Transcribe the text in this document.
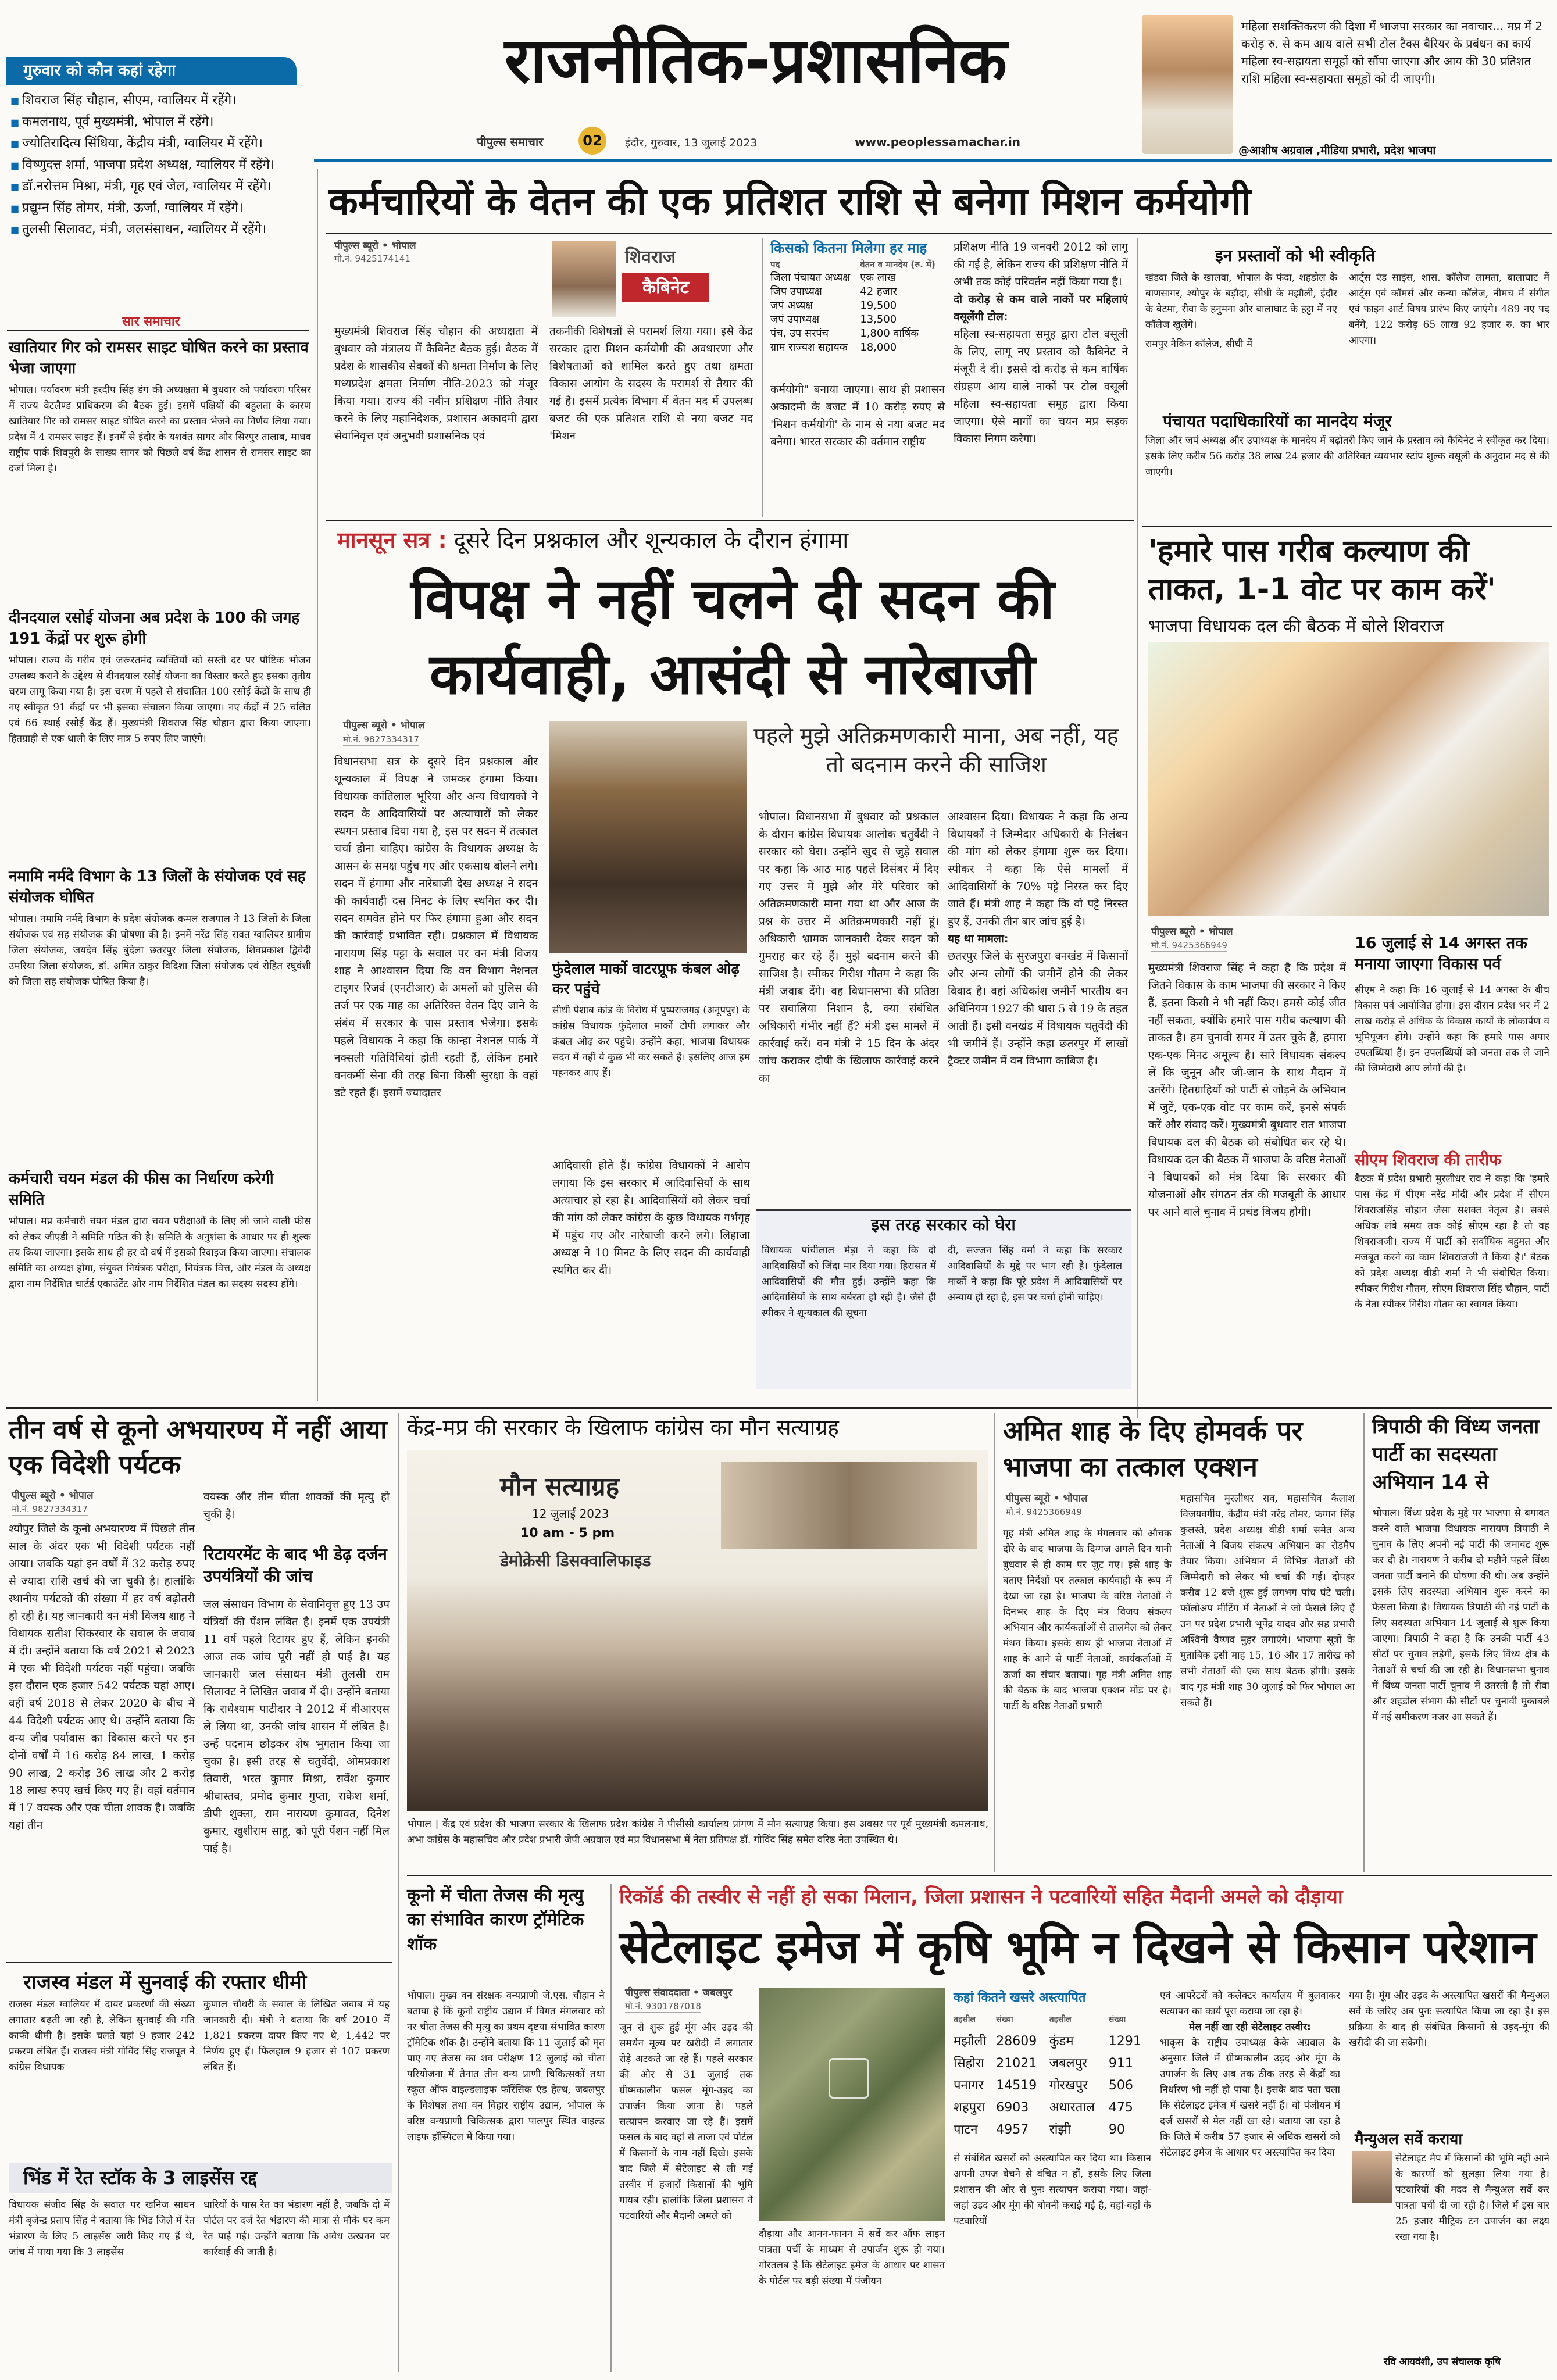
गुरुवार को कौन कहां रहेगा	राजनीतिक-प्रशासनिक
पीपुल्स समाचार	02	इंदौर, गुरुवार, 13 जुलाई 2023	www.peoplessamachar.in
महिला सशक्तिकरण की दिशा में भाजपा सरकार का नवाचार... मप्र में 2 करोड़ रु. से कम आय वाले सभी टोल टैक्स बैरियर के प्रबंधन का कार्य महिला स्व-सहायता समूहों को सौंपा जाएगा और आय की 30 प्रतिशत राशि महिला स्व-सहायता समूहों को दी जाएगी।
@आशीष अग्रवाल ,मीडिया प्रभारी, प्रदेश भाजपा
■ शिवराज सिंह चौहान, सीएम, ग्वालियर में रहेंगे।
■ कमलनाथ, पूर्व मुख्यमंत्री, भोपाल में रहेंगे।
■ ज्योतिरादित्य सिंधिया, केंद्रीय मंत्री, ग्वालियर में रहेंगे।
■ विष्णुदत्त शर्मा, भाजपा प्रदेश अध्यक्ष, ग्वालियर में रहेंगे।
■ डॉ.नरोत्तम मिश्रा, मंत्री, गृह एवं जेल, ग्वालियर में रहेंगे।
■ प्रद्युम्न सिंह तोमर, मंत्री, ऊर्जा, ग्वालियर में रहेंगे।
■ तुलसी सिलावट, मंत्री, जलसंसाधन, ग्वालियर में रहेंगे।
सार समाचार
खातियार गिर को रामसर साइट घोषित करने का प्रस्ताव भेजा जाएगा
भोपाल। पर्यावरण मंत्री हरदीप सिंह डंग की अध्यक्षता में बुधवार को पर्यावरण परिसर में राज्य वेटलैण्ड प्राधिकरण की बैठक हुई। इसमें पक्षियों की बहुलता के कारण खातियार गिर को रामसर साइट घोषित करने का प्रस्ताव भेजने का निर्णय लिया गया। प्रदेश में 4 रामसर साइट हैं। इनमें से इंदौर के यशवंत सागर और सिरपुर तालाब, माधव राष्ट्रीय पार्क शिवपुरी के साख्य सागर को पिछले वर्ष केंद्र शासन से रामसर साइट का दर्जा मिला है।
दीनदयाल रसोई योजना अब प्रदेश के 100 की जगह 191 केंद्रों पर शुरू होगी
भोपाल। राज्य के गरीब एवं जरूरतमंद व्यक्तियों को सस्ती दर पर पौष्टिक भोजन उपलब्ध कराने के उद्देश्य से दीनदयाल रसोई योजना का विस्तार करते हुए इसका तृतीय चरण लागू किया गया है। इस चरण में पहले से संचालित 100 रसोई केंद्रों के साथ ही नए स्वीकृत 91 केंद्रों पर भी इसका संचालन किया जाएगा। नए केंद्रों में 25 चलित एवं 66 स्थाई रसोई केंद्र हैं। मुख्यमंत्री शिवराज सिंह चौहान द्वारा किया जाएगा। हितग्राही से एक थाली के लिए मात्र 5 रुपए लिए जाएंगे।
नमामि नर्मदे विभाग के 13 जिलों के संयोजक एवं सह संयोजक घोषित
भोपाल। नमामि नर्मदे विभाग के प्रदेश संयोजक कमल राजपाल ने 13 जिलों के जिला संयोजक एवं सह संयोजक की घोषणा की है। इनमें नरेंद्र सिंह रावत ग्वालियर ग्रामीण जिला संयोजक, जयदेव सिंह बुंदेला छतरपुर जिला संयोजक, शिवप्रकाश द्विवेदी उमरिया जिला संयोजक, डॉ. अमित ठाकुर विदिशा जिला संयोजक एवं रोहित रघुवंशी को जिला सह संयोजक घोषित किया है।
कर्मचारी चयन मंडल की फीस का निर्धारण करेगी समिति
भोपाल। मप्र कर्मचारी चयन मंडल द्वारा चयन परीक्षाओं के लिए ली जाने वाली फीस को लेकर जीएडी ने समिति गठित की है। समिति के अनुशंसा के आधार पर ही शुल्क तय किया जाएगा। इसके साथ ही हर दो वर्ष में इसको रिवाइज किया जाएगा। संचालक समिति का अध्यक्ष होगा, संयुक्त नियंत्रक परीक्षा, नियंत्रक वित्त, और मंडल के अध्यक्ष द्वारा नाम निर्देशित चार्टर्ड एकाउंटेंट और नाम निर्देशित मंडल का सदस्य सदस्य होंगे।
कर्मचारियों के वेतन की एक प्रतिशत राशि से बनेगा मिशन कर्मयोगी
पीपुल्स ब्यूरो • भोपाल
मो.नं. 9425174141	शिवराज
कैबिनेट
मुख्यमंत्री शिवराज सिंह चौहान की अध्यक्षता में बुधवार को मंत्रालय में कैबिनेट बैठक हुई। बैठक में प्रदेश के शासकीय सेवकों की क्षमता निर्माण के लिए मध्यप्रदेश क्षमता निर्माण नीति-2023 को मंजूर किया गया। राज्य की नवीन प्रशिक्षण नीति तैयार करने के लिए महानिदेशक, प्रशासन अकादमी द्वारा सेवानिवृत्त एवं अनुभवी प्रशासनिक एवं
तकनीकी विशेषज्ञों से परामर्श लिया गया। इसे केंद्र सरकार द्वारा मिशन कर्मयोगी की अवधारणा और विशेषताओं को शामिल करते हुए तथा क्षमता विकास आयोग के सदस्य के परामर्श से तैयार की गई है। इसमें प्रत्येक विभाग में वेतन मद में उपलब्ध बजट की एक प्रतिशत राशि से नया बजट मद 'मिशन
किसको कितना मिलेगा हर माह
पद	वेतन व मानदेय (रु. में)
जिला पंचायत अध्यक्ष	एक लाख
जिप उपाध्यक्ष	42 हजार
जपं अध्यक्ष	19,500
जपं उपाध्यक्ष	13,500
पंच, उप सरपंच	1,800 वार्षिक
ग्राम राज्यश सहायक	18,000
कर्मयोगी" बनाया जाएगा। साथ ही प्रशासन अकादमी के बजट में 10 करोड़ रुपए से 'मिशन कर्मयोगी' के नाम से नया बजट मद बनेगा। भारत सरकार की वर्तमान राष्ट्रीय
प्रशिक्षण नीति 19 जनवरी 2012 को लागू की गई है, लेकिन राज्य की प्रशिक्षण नीति में अभी तक कोई परिवर्तन नहीं किया गया है।
दो करोड़ से कम वाले नाकों पर महिलाएं वसूलेंगी टोल:
महिला स्व-सहायता समूह द्वारा टोल वसूली के लिए, लागू नए प्रस्ताव को कैबिनेट ने मंजूरी दे दी। इससे दो करोड़ से कम वार्षिक संग्रहण आय वाले नाकों पर टोल वसूली महिला स्व-सहायता समूह द्वारा किया जाएगा। ऐसे मार्गों का चयन मप्र सड़क विकास निगम करेगा।
इन प्रस्तावों को भी स्वीकृति
खंडवा जिले के खालवा, भोपाल के फंदा, शहडोल के बाणसागर, श्योपुर के बड़ौदा, सीधी के मझौली, इंदौर के बेटमा, रीवा के हनुमना और बालाघाट के हट्टा में नए कॉलेज खुलेंगे।
रामपुर नैकिन कॉलेज, सीधी में
आर्ट्स एंड साइंस, शास. कॉलेज लामता, बालाघाट में आर्ट्स एवं कॉमर्स और कन्या कॉलेज, नीमच में संगीत एवं फाइन आर्ट विषय प्रारंभ किए जाएंगे। 489 नए पद बनेंगे, 122 करोड़ 65 लाख 92 हजार रु. का भार आएगा।
पंचायत पदाधिकारियों का मानदेय मंजूर
जिला और जपं अध्यक्ष और उपाध्यक्ष के मानदेय में बढ़ोतरी किए जाने के प्रस्ताव को कैबिनेट ने स्वीकृत कर दिया। इसके लिए करीब 56 करोड़ 38 लाख 24 हजार की अतिरिक्त व्ययभार स्टांप शुल्क वसूली के अनुदान मद से की जाएगी।
मानसून सत्र : दूसरे दिन प्रश्नकाल और शून्यकाल के दौरान हंगामा
विपक्ष ने नहीं चलने दी सदन की कार्यवाही, आसंदी से नारेबाजी
पीपुल्स ब्यूरो • भोपाल
मो.नं. 9827334317
विधानसभा सत्र के दूसरे दिन प्रश्नकाल और शून्यकाल में विपक्ष ने जमकर हंगामा किया। विधायक कांतिलाल भूरिया और अन्य विधायकों ने सदन के आदिवासियों पर अत्याचारों को लेकर स्थगन प्रस्ताव दिया गया है, इस पर सदन में तत्काल चर्चा होना चाहिए। कांग्रेस के विधायक अध्यक्ष के आसन के समक्ष पहुंच गए और एकसाथ बोलने लगे। सदन में हंगामा और नारेबाजी देख अध्यक्ष ने सदन की कार्यवाही दस मिनट के लिए स्थगित कर दी। सदन समवेत होने पर फिर हंगामा हुआ और सदन की कार्रवाई प्रभावित रही। प्रश्नकाल में विधायक नारायण सिंह पट्टा के सवाल पर वन मंत्री विजय शाह ने आश्वासन दिया कि वन विभाग नेशनल टाइगर रिजर्व (एनटीआर) के अमलों को पुलिस की तर्ज पर एक माह का अतिरिक्त वेतन दिए जाने के संबंध में सरकार के पास प्रस्ताव भेजेगा। इसके पहले विधायक ने कहा कि कान्हा नेशनल पार्क में नक्सली गतिविधियां होती रहती हैं, लेकिन हमारे वनकर्मी सेना की तरह बिना किसी सुरक्षा के वहां डटे रहते हैं। इसमें ज्यादातर
फुंदेलाल मार्को वाटरप्रूफ कंबल ओढ़ कर पहुंचे
सीधी पेशाब कांड के विरोध में पुष्पराजगढ़ (अनूपपुर) के कांग्रेस विधायक फुंदेलाल मार्को टोपी लगाकर और कंबल ओढ़ कर पहुंचे। उन्होंने कहा, भाजपा विधायक सदन में नहीं ये कुछ भी कर सकते हैं। इसलिए आज हम पहनकर आए हैं।
आदिवासी होते हैं। कांग्रेस विधायकों ने आरोप लगाया कि इस सरकार में आदिवासियों के साथ अत्याचार हो रहा है। आदिवासियों को लेकर चर्चा की मांग को लेकर कांग्रेस के कुछ विधायक गर्भगृह में पहुंच गए और नारेबाजी करने लगे। लिहाजा अध्यक्ष ने 10 मिनट के लिए सदन की कार्यवाही स्थगित कर दी।
पहले मुझे अतिक्रमणकारी माना, अब नहीं, यह तो बदनाम करने की साजिश
भोपाल। विधानसभा में बुधवार को प्रश्नकाल के दौरान कांग्रेस विधायक आलोक चतुर्वेदी ने सरकार को घेरा। उन्होंने खुद से जुड़े सवाल पर कहा कि आठ माह पहले दिसंबर में दिए गए उत्तर में मुझे और मेरे परिवार को अतिक्रमणकारी माना गया था और आज के प्रश्न के उत्तर में अतिक्रमणकारी नहीं हूं। अधिकारी भ्रामक जानकारी देकर सदन को गुमराह कर रहे हैं। मुझे बदनाम करने की साजिश है। स्पीकर गिरीश गौतम ने कहा कि मंत्री जवाब देंगे। वह विधानसभा की प्रतिष्ठा पर सवालिया निशान है, क्या संबंधित अधिकारी गंभीर नहीं हैं? मंत्री इस मामले में कार्रवाई करें। वन मंत्री ने 15 दिन के अंदर जांच कराकर दोषी के खिलाफ कार्रवाई करने का
आश्वासन दिया। विधायक ने कहा कि अन्य विधायकों ने जिम्मेदार अधिकारी के निलंबन की मांग को लेकर हंगामा शुरू कर दिया। स्पीकर ने कहा कि ऐसे मामलों में आदिवासियों के 70% पट्टे निरस्त कर दिए जाते हैं। मंत्री शाह ने कहा कि वो पट्टे निरस्त हुए हैं, उनकी तीन बार जांच हुई है।
यह था मामला:
छतरपुर जिले के सुरजपुरा वनखंड में किसानों और अन्य लोगों की जमीनें होने की लेकर विवाद है। वहां अधिकांश जमीनें भारतीय वन अधिनियम 1927 की धारा 5 से 19 के तहत आती हैं। इसी वनखंड में विधायक चतुर्वेदी की भी जमीनें हैं। उन्होंने कहा छतरपुर में लाखों ट्रैक्टर जमीन में वन विभाग काबिज है।
इस तरह सरकार को घेरा
विधायक पांचीलाल मेड़ा ने कहा कि दो आदिवासियों को जिंदा मार दिया गया। हिरासत में आदिवासियों की मौत हुई। उन्होंने कहा कि आदिवासियों के साथ बर्बरता हो रही है। जैसे ही स्पीकर ने शून्यकाल की सूचना
दी, सज्जन सिंह वर्मा ने कहा कि सरकार आदिवासियों के मुद्दे पर भाग रही है। फुंदेलाल मार्को ने कहा कि पूरे प्रदेश में आदिवासियों पर अन्याय हो रहा है, इस पर चर्चा होनी चाहिए।
'हमारे पास गरीब कल्याण की ताकत, 1-1 वोट पर काम करें'
भाजपा विधायक दल की बैठक में बोले शिवराज
पीपुल्स ब्यूरो • भोपाल
मो.नं. 9425366949
मुख्यमंत्री शिवराज सिंह ने कहा है कि प्रदेश में जितने विकास के काम भाजपा की सरकार ने किए हैं, इतना किसी ने भी नहीं किए। हमसे कोई जीत नहीं सकता, क्योंकि हमारे पास गरीब कल्याण की ताकत है। हम चुनावी समर में उतर चुके हैं, हमारा एक-एक मिनट अमूल्य है। सारे विधायक संकल्प लें कि जुनून और जी-जान के साथ मैदान में उतरेंगे। हितग्राहियों को पार्टी से जोड़ने के अभियान में जुटें, एक-एक वोट पर काम करें, इनसे संपर्क करें और संवाद करें। मुख्यमंत्री बुधवार रात भाजपा विधायक दल की बैठक को संबोधित कर रहे थे। विधायक दल की बैठक में भाजपा के वरिष्ठ नेताओं ने विधायकों को मंत्र दिया कि सरकार की योजनाओं और संगठन तंत्र की मजबूती के आधार पर आने वाले चुनाव में प्रचंड विजय होगी।
16 जुलाई से 14 अगस्त तक मनाया जाएगा विकास पर्व
सीएम ने कहा कि 16 जुलाई से 14 अगस्त के बीच विकास पर्व आयोजित होगा। इस दौरान प्रदेश भर में 2 लाख करोड़ से अधिक के विकास कार्यों के लोकार्पण व भूमिपूजन होंगे। उन्होंने कहा कि हमारे पास अपार उपलब्धियां हैं। इन उपलब्धियों को जनता तक ले जाने की जिम्मेदारी आप लोगों की है।
सीएम शिवराज की तारीफ
बैठक में प्रदेश प्रभारी मुरलीधर राव ने कहा कि 'हमारे पास केंद्र में पीएम नरेंद्र मोदी और प्रदेश में सीएम शिवराजसिंह चौहान जैसा सशक्त नेतृत्व है। सबसे अधिक लंबे समय तक कोई सीएम रहा है तो वह शिवराजजी। राज्य में पार्टी को सर्वाधिक बहुमत और मजबूत करने का काम शिवराजजी ने किया है।' बैठक को प्रदेश अध्यक्ष वीडी शर्मा ने भी संबोधित किया। स्पीकर गिरीश गौतम, सीएम शिवराज सिंह चौहान, पार्टी के नेता स्पीकर गिरीश गौतम का स्वागत किया।
तीन वर्ष से कूनो अभयारण्य में नहीं आया एक विदेशी पर्यटक
पीपुल्स ब्यूरो • भोपाल
मो.नं. 9827334317
श्योपुर जिले के कूनो अभयारण्य में पिछले तीन साल के अंदर एक भी विदेशी पर्यटक नहीं आया। जबकि यहां इन वर्षों में 32 करोड़ रुपए से ज्यादा राशि खर्च की जा चुकी है। हालांकि स्थानीय पर्यटकों की संख्या में हर वर्ष बढ़ोतरी हो रही है। यह जानकारी वन मंत्री विजय शाह ने विधायक सतीश सिकरवार के सवाल के जवाब में दी। उन्होंने बताया कि वर्ष 2021 से 2023 में एक भी विदेशी पर्यटक नहीं पहुंचा। जबकि इस दौरान एक हजार 542 पर्यटक यहां आए। वहीं वर्ष 2018 से लेकर 2020 के बीच में 44 विदेशी पर्यटक आए थे। उन्होंने बताया कि वन्य जीव पर्यावास का विकास करने पर इन दोनों वर्षों में 16 करोड़ 84 लाख, 1 करोड़ 90 लाख, 2 करोड़ 36 लाख और 2 करोड़ 18 लाख रुपए खर्च किए गए हैं। वहां वर्तमान में 17 वयस्क और एक चीता शावक है। जबकि यहां तीन
वयस्क और तीन चीता शावकों की मृत्यु हो चुकी है।
रिटायरमेंट के बाद भी डेढ़ दर्जन उपयंत्रियों की जांच
जल संसाधन विभाग के सेवानिवृत्त हुए 13 उप यंत्रियों की पेंशन लंबित है। इनमें एक उपयंत्री 11 वर्ष पहले रिटायर हुए हैं, लेकिन इनकी आज तक जांच पूरी नहीं हो पाई है। यह जानकारी जल संसाधन मंत्री तुलसी राम सिलावट ने लिखित जवाब में दी। उन्होंने बताया कि राधेश्याम पाटीदार ने 2012 में वीआरएस ले लिया था, उनकी जांच शासन में लंबित है। उन्हें पदनाम छोड़कर शेष भुगतान किया जा चुका है। इसी तरह से चतुर्वेदी, ओमप्रकाश तिवारी, भरत कुमार मिश्रा, सर्वेश कुमार श्रीवास्तव, प्रमोद कुमार गुप्ता, राकेश शर्मा, डीपी शुक्ला, राम नारायण कुमावत, दिनेश कुमार, खुशीराम साहू, को पूरी पेंशन नहीं मिल पाई है।
राजस्व मंडल में सुनवाई की रफ्तार धीमी
राजस्व मंडल ग्वालियर में दायर प्रकरणों की संख्या लगातार बढ़ती जा रही है, लेकिन सुनवाई की गति काफी धीमी है। इसके चलते यहां 9 हजार 242 प्रकरण लंबित हैं। राजस्व मंत्री गोविंद सिंह राजपूत ने कांग्रेस विधायक
कुणाल चौधरी के सवाल के लिखित जवाब में यह जानकारी दी। मंत्री ने बताया कि वर्ष 2010 में 1,821 प्रकरण दायर किए गए थे, 1,442 पर निर्णय हुए हैं। फिलहाल 9 हजार से 107 प्रकरण लंबित हैं।
भिंड में रेत स्टॉक के 3 लाइसेंस रद्द
विधायक संजीव सिंह के सवाल पर खनिज साधन मंत्री बृजेन्द्र प्रताप सिंह ने बताया कि भिंड जिले में रेत भंडारण के लिए 5 लाइसेंस जारी किए गए हैं थे, जांच में पाया गया कि 3 लाइसेंस
धारियों के पास रेत का भंडारण नहीं है, जबकि दो में पोर्टल पर दर्ज रेत भंडारण की मात्रा से मौके पर कम रेत पाई गई। उन्होंने बताया कि अवैध उत्खनन पर कार्रवाई की जाती है।
केंद्र-मप्र की सरकार के खिलाफ कांग्रेस का मौन सत्याग्रह
मौन सत्याग्रह
12 जुलाई 2023
10 am - 5 pm
डेमोक्रेसी डिसक्वालिफाइड
भोपाल | केंद्र एवं प्रदेश की भाजपा सरकार के खिलाफ प्रदेश कांग्रेस ने पीसीसी कार्यालय प्रांगण में मौन सत्याग्रह किया। इस अवसर पर पूर्व मुख्यमंत्री कमलनाथ, अभा कांग्रेस के महासचिव और प्रदेश प्रभारी जेपी अग्रवाल एवं मप्र विधानसभा में नेता प्रतिपक्ष डॉ. गोविंद सिंह समेत वरिष्ठ नेता उपस्थित थे।
अमित शाह के दिए होमवर्क पर भाजपा का तत्काल एक्शन
पीपुल्स ब्यूरो • भोपाल
मो.नं. 9425366949
गृह मंत्री अमित शाह के मंगलवार को औचक दौरे के बाद भाजपा के दिग्गज अगले दिन यानी बुधवार से ही काम पर जुट गए। इसे शाह के बताए निर्देशों पर तत्काल कार्यवाही के रूप में देखा जा रहा है। भाजपा के वरिष्ठ नेताओं ने दिनभर शाह के दिए मंत्र विजय संकल्प अभियान और कार्यकर्ताओं से तालमेल को लेकर मंथन किया। इसके साथ ही भाजपा नेताओं में शाह के आने से पार्टी नेताओं, कार्यकर्ताओं में ऊर्जा का संचार बताया। गृह मंत्री अमित शाह की बैठक के बाद भाजपा एक्शन मोड पर है। पार्टी के वरिष्ठ नेताओं प्रभारी
महासचिव मुरलीधर राव, महासचिव कैलाश विजयवर्गीय, केंद्रीय मंत्री नरेंद्र तोमर, फग्गन सिंह कुलस्ते, प्रदेश अध्यक्ष वीडी शर्मा समेत अन्य नेताओं ने विजय संकल्प अभियान का रोडमैप तैयार किया। अभियान में विभिन्न नेताओं की जिम्मेदारी को लेकर भी चर्चा की गई। दोपहर करीब 12 बजे शुरू हुई लगभग पांच घंटे चली। फॉलोअप मीटिंग में नेताओं ने जो फैसले लिए हैं उन पर प्रदेश प्रभारी भूपेंद्र यादव और सह प्रभारी अश्विनी वैष्णव मुहर लगाएंगे। भाजपा सूत्रों के मुताबिक इसी माह 15, 16 और 17 तारीख को सभी नेताओं की एक साथ बैठक होगी। इसके बाद गृह मंत्री शाह 30 जुलाई को फिर भोपाल आ सकते हैं।
त्रिपाठी की विंध्य जनता पार्टी का सदस्यता अभियान 14 से
भोपाल। विंध्य प्रदेश के मुद्दे पर भाजपा से बगावत करने वाले भाजपा विधायक नारायण त्रिपाठी ने चुनाव के लिए अपनी नई पार्टी की जमावट शुरू कर दी है। नारायण ने करीब दो महीने पहले विंध्य जनता पार्टी बनाने की घोषणा की थी। अब उन्होंने इसके लिए सदस्यता अभियान शुरू करने का फैसला किया है। विधायक त्रिपाठी की नई पार्टी के लिए सदस्यता अभियान 14 जुलाई से शुरू किया जाएगा। त्रिपाठी ने कहा है कि उनकी पार्टी 43 सीटों पर चुनाव लड़ेगी, इसके लिए विंध्य क्षेत्र के नेताओं से चर्चा की जा रही है। विधानसभा चुनाव में विंध्य जनता पार्टी चुनाव में उतरती है तो रीवा और शहडोल संभाग की सीटों पर चुनावी मुकाबले में नई समीकरण नजर आ सकते हैं।
कूनो में चीता तेजस की मृत्यु का संभावित कारण ट्रॉमेटिक शॉक
भोपाल। मुख्य वन संरक्षक वन्यप्राणी जे.एस. चौहान ने बताया है कि कूनो राष्ट्रीय उद्यान में विगत मंगलवार को नर चीता तेजस की मृत्यु का प्रथम दृष्टया संभावित कारण ट्रॉमेटिक शॉक है। उन्होंने बताया कि 11 जुलाई को मृत पाए गए तेजस का शव परीक्षण 12 जुलाई को चीता परियोजना में तैनात तीन वन्य प्राणी चिकित्सकों तथा स्कूल ऑफ वाइल्डलाइफ फॉरेंसिक एंड हेल्थ, जबलपुर के विशेषज्ञ तथा वन विहार राष्ट्रीय उद्यान, भोपाल के वरिष्ठ वन्यप्राणी चिकित्सक द्वारा पालपुर स्थित वाइल्ड लाइफ हॉस्पिटल में किया गया।
रिकॉर्ड की तस्वीर से नहीं हो सका मिलान, जिला प्रशासन ने पटवारियों सहित मैदानी अमले को दौड़ाया
सेटेलाइट इमेज में कृषि भूमि न दिखने से किसान परेशान
पीपुल्स संवाददाता • जबलपुर
मो.नं. 9301787018
जून से शुरू हुई मूंग और उड़द की समर्थन मूल्य पर खरीदी में लगातार रोड़े अटकते जा रहे हैं। पहले सरकार की ओर से 31 जुलाई तक ग्रीष्मकालीन फसल मूंग-उड़द का उपार्जन किया जाना है। पहले सत्यापन करवाए जा रहे हैं। इसमें फसल के बाद वहां से ताजा एवं पोर्टल में किसानों के नाम नहीं दिखे। इसके बाद जिले में सेटेलाइट से ली गई तस्वीर में हजारों किसानों की भूमि गायब रही। हालांकि जिला प्रशासन ने पटवारियों और मैदानी अमले को
दौड़ाया और आनन-फानन में सर्वे कर ऑफ लाइन पात्रता पर्ची के माध्यम से उपार्जन शुरू हो गया। गौरतलब है कि सेटेलाइट इमेज के आधार पर शासन के पोर्टल पर बड़ी संख्या में पंजीयन
कहां कितने खसरे अस्त्यापित
तहसील	संख्या	तहसील	संख्या
मझौली	28609	कुंडम	1291
सिहोरा	21021	जबलपुर	911
पनागर	14519	गोरखपुर	506
शहपुरा	6903	अधारताल	475
पाटन	4957	रांझी	90
से संबंधित खसरों को अस्त्यापित कर दिया था। किसान अपनी उपज बेचने से वंचित न हों, इसके लिए जिला प्रशासन की ओर से पुनः सत्यापन कराया गया। जहां-जहां उड़द और मूंग की बोवनी कराई गई है, वहां-वहां के पटवारियों
एवं आपरेटरों को कलेक्टर कार्यालय में बुलवाकर सत्यापन का कार्य पूरा कराया जा रहा है।
मेल नहीं खा रही सेटेलाइट तस्वीर:
भाकृस के राष्ट्रीय उपाध्यक्ष केके अग्रवाल के अनुसार जिले में ग्रीष्मकालीन उड़द और मूंग के उपार्जन के लिए अब तक ठीक तरह से केंद्रों का निर्धारण भी नहीं हो पाया है। इसके बाद पता चला कि सेटेलाइट इमेज में खसरे नहीं हैं। वो पंजीयन में दर्ज खसरों से मेल नहीं खा रहे। बताया जा रहा है कि जिले में करीब 57 हजार से अधिक खसरों को सेटेलाइट इमेज के आधार पर अस्त्यापित कर दिया
गया है। मूंग और उड़द के अस्त्यापित खसरों की मैन्युअल सर्वे के जरिए अब पुनः सत्यापित किया जा रहा है। इस प्रक्रिया के बाद ही संबंधित किसानों से उड़द-मूंग की खरीदी की जा सकेगी।
मैन्युअल सर्वे कराया
सेटेलाइट मैप में किसानों की भूमि नहीं आने के कारणों को सुलझा लिया गया है। पटवारियों की मदद से मैन्युअल सर्वे कर पात्रता पर्ची दी जा रही है। जिले में इस बार 25 हजार मीट्रिक टन उपार्जन का लक्ष्य रखा गया है।
रवि आयवंशी, उप संचालक कृषि
